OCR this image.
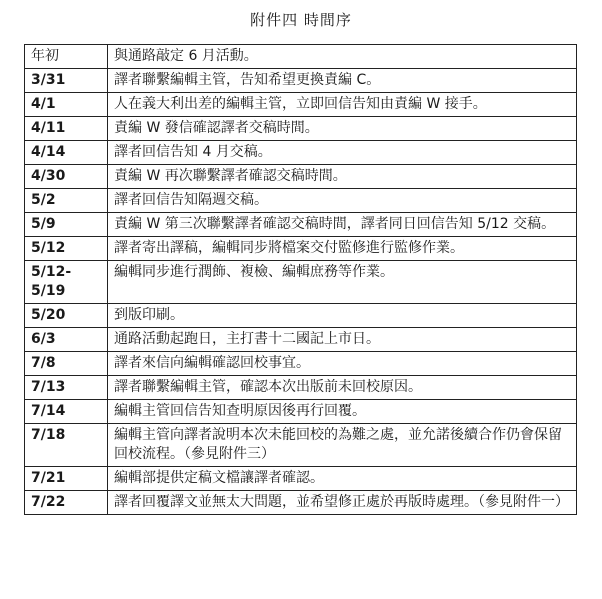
附件四 時間序
年初	與通路敲定 6 月活動。
3/31	譯者聯繫編輯主管，告知希望更換責編 C。
4/1	人在義大利出差的編輯主管，立即回信告知由責編 W 接手。
4/11	責編 W 發信確認譯者交稿時間。
4/14	譯者回信告知 4 月交稿。
4/30	責編 W 再次聯繫譯者確認交稿時間。
5/2	譯者回信告知隔週交稿。
5/9	責編 W 第三次聯繫譯者確認交稿時間，譯者同日回信告知 5/12 交稿。
5/12	譯者寄出譯稿，編輯同步將檔案交付監修進行監修作業。
5/12-5/19	編輯同步進行潤飾、複檢、編輯庶務等作業。
5/20	到版印刷。
6/3	通路活動起跑日，主打書十二國記上市日。
7/8	譯者來信向編輯確認回校事宜。
7/13	譯者聯繫編輯主管，確認本次出版前未回校原因。
7/14	編輯主管回信告知查明原因後再行回覆。
7/18	編輯主管向譯者說明本次未能回校的為難之處，並允諾後續合作仍會保留回校流程。（參見附件三）
7/21	編輯部提供定稿文檔讓譯者確認。
7/22	譯者回覆譯文並無太大問題，並希望修正處於再版時處理。（參見附件一）
